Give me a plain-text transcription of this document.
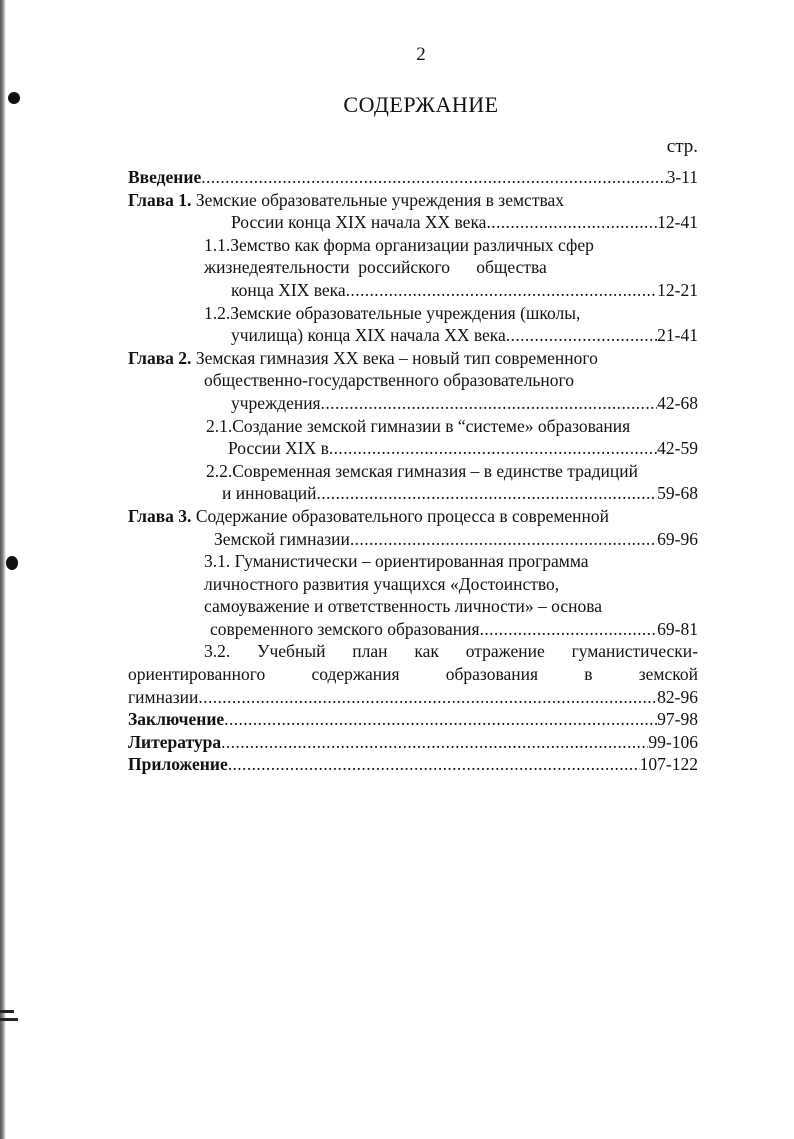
2
СОДЕРЖАНИЕ
стр.
Введение .....	3-11
Глава 1. Земские образовательные учреждения в земствах
России конца XIX начала XX века .....	12-41
1.1.Земство как форма организации различных сфер
жизнедеятельности  российского      общества
конца XIX века .....	12-21
1.2.Земские образовательные учреждения (школы,
училища) конца XIX начала XX века .....	21-41
Глава 2. Земская гимназия XX века – новый тип современного
общественно-государственного образовательного
учреждения .....	42-68
2.1.Создание земской гимназии в “системе» образования
России XIX в .....	42-59
2.2.Современная земская гимназия – в единстве традиций
и инноваций .....	59-68
Глава 3. Содержание образовательного процесса в современной
Земской гимназии .....	69-96
3.1. Гуманистически – ориентированная программа
личностного развития учащихся «Достоинство,
самоуважение и ответственность личности» – основа
современного земского образования .....	69-81
3.2. Учебный план как отражение гуманистически-
ориентированного содержания образования в земской
гимназии .....	82-96
Заключение .....	97-98
Литература .....	99-106
Приложение .....	107-122
